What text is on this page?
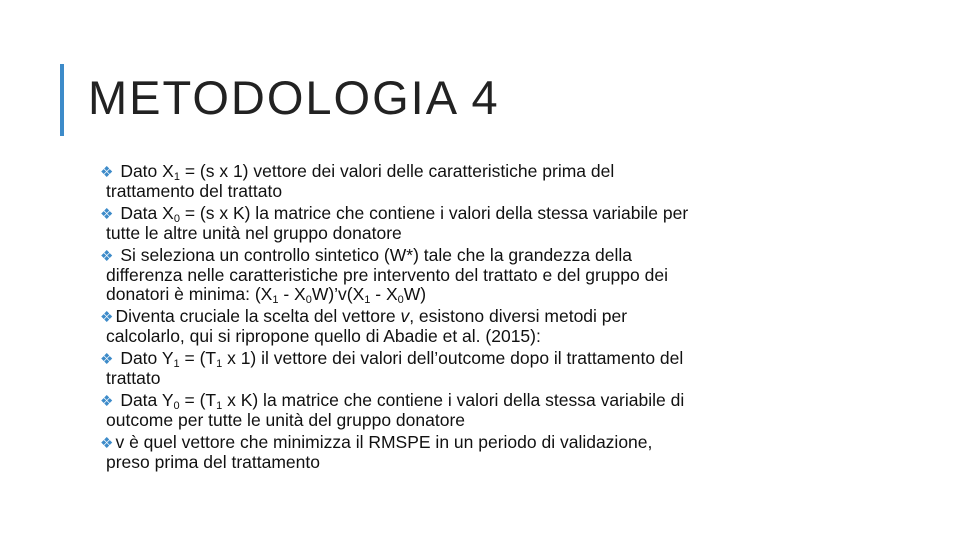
METODOLOGIA 4
❖ Dato $X_1 = (s$ x 1) vettore dei valori delle caratteristiche prima del
trattamento del trattato
❖ Data $X_0 = (s$ x K) la matrice che contiene i valori della stessa variabile per
tutte le altre unità nel gruppo donatore
❖ Si seleziona un controllo sintetico (W*) tale che la grandezza della
differenza nelle caratteristiche pre intervento del trattato e del gruppo dei
donatori è minima: ($X_1$ - $X_0W)’v(X_1 - X_0W)$
❖ Diventa cruciale la scelta del vettore v, esistono diversi metodi per
calcolarlo, qui si ripropone quello di Abadie et al. (2015):
❖ Dato $Y_1 = (T_1$ x 1) il vettore dei valori dell’outcome dopo il trattamento del
trattato
❖ Data $Y_0 = (T_1$ x K) la matrice che contiene i valori della stessa variabile di
outcome per tutte le unità del gruppo donatore
❖ v è quel vettore che minimizza il RMSPE in un periodo di validazione,
preso prima del trattamento
